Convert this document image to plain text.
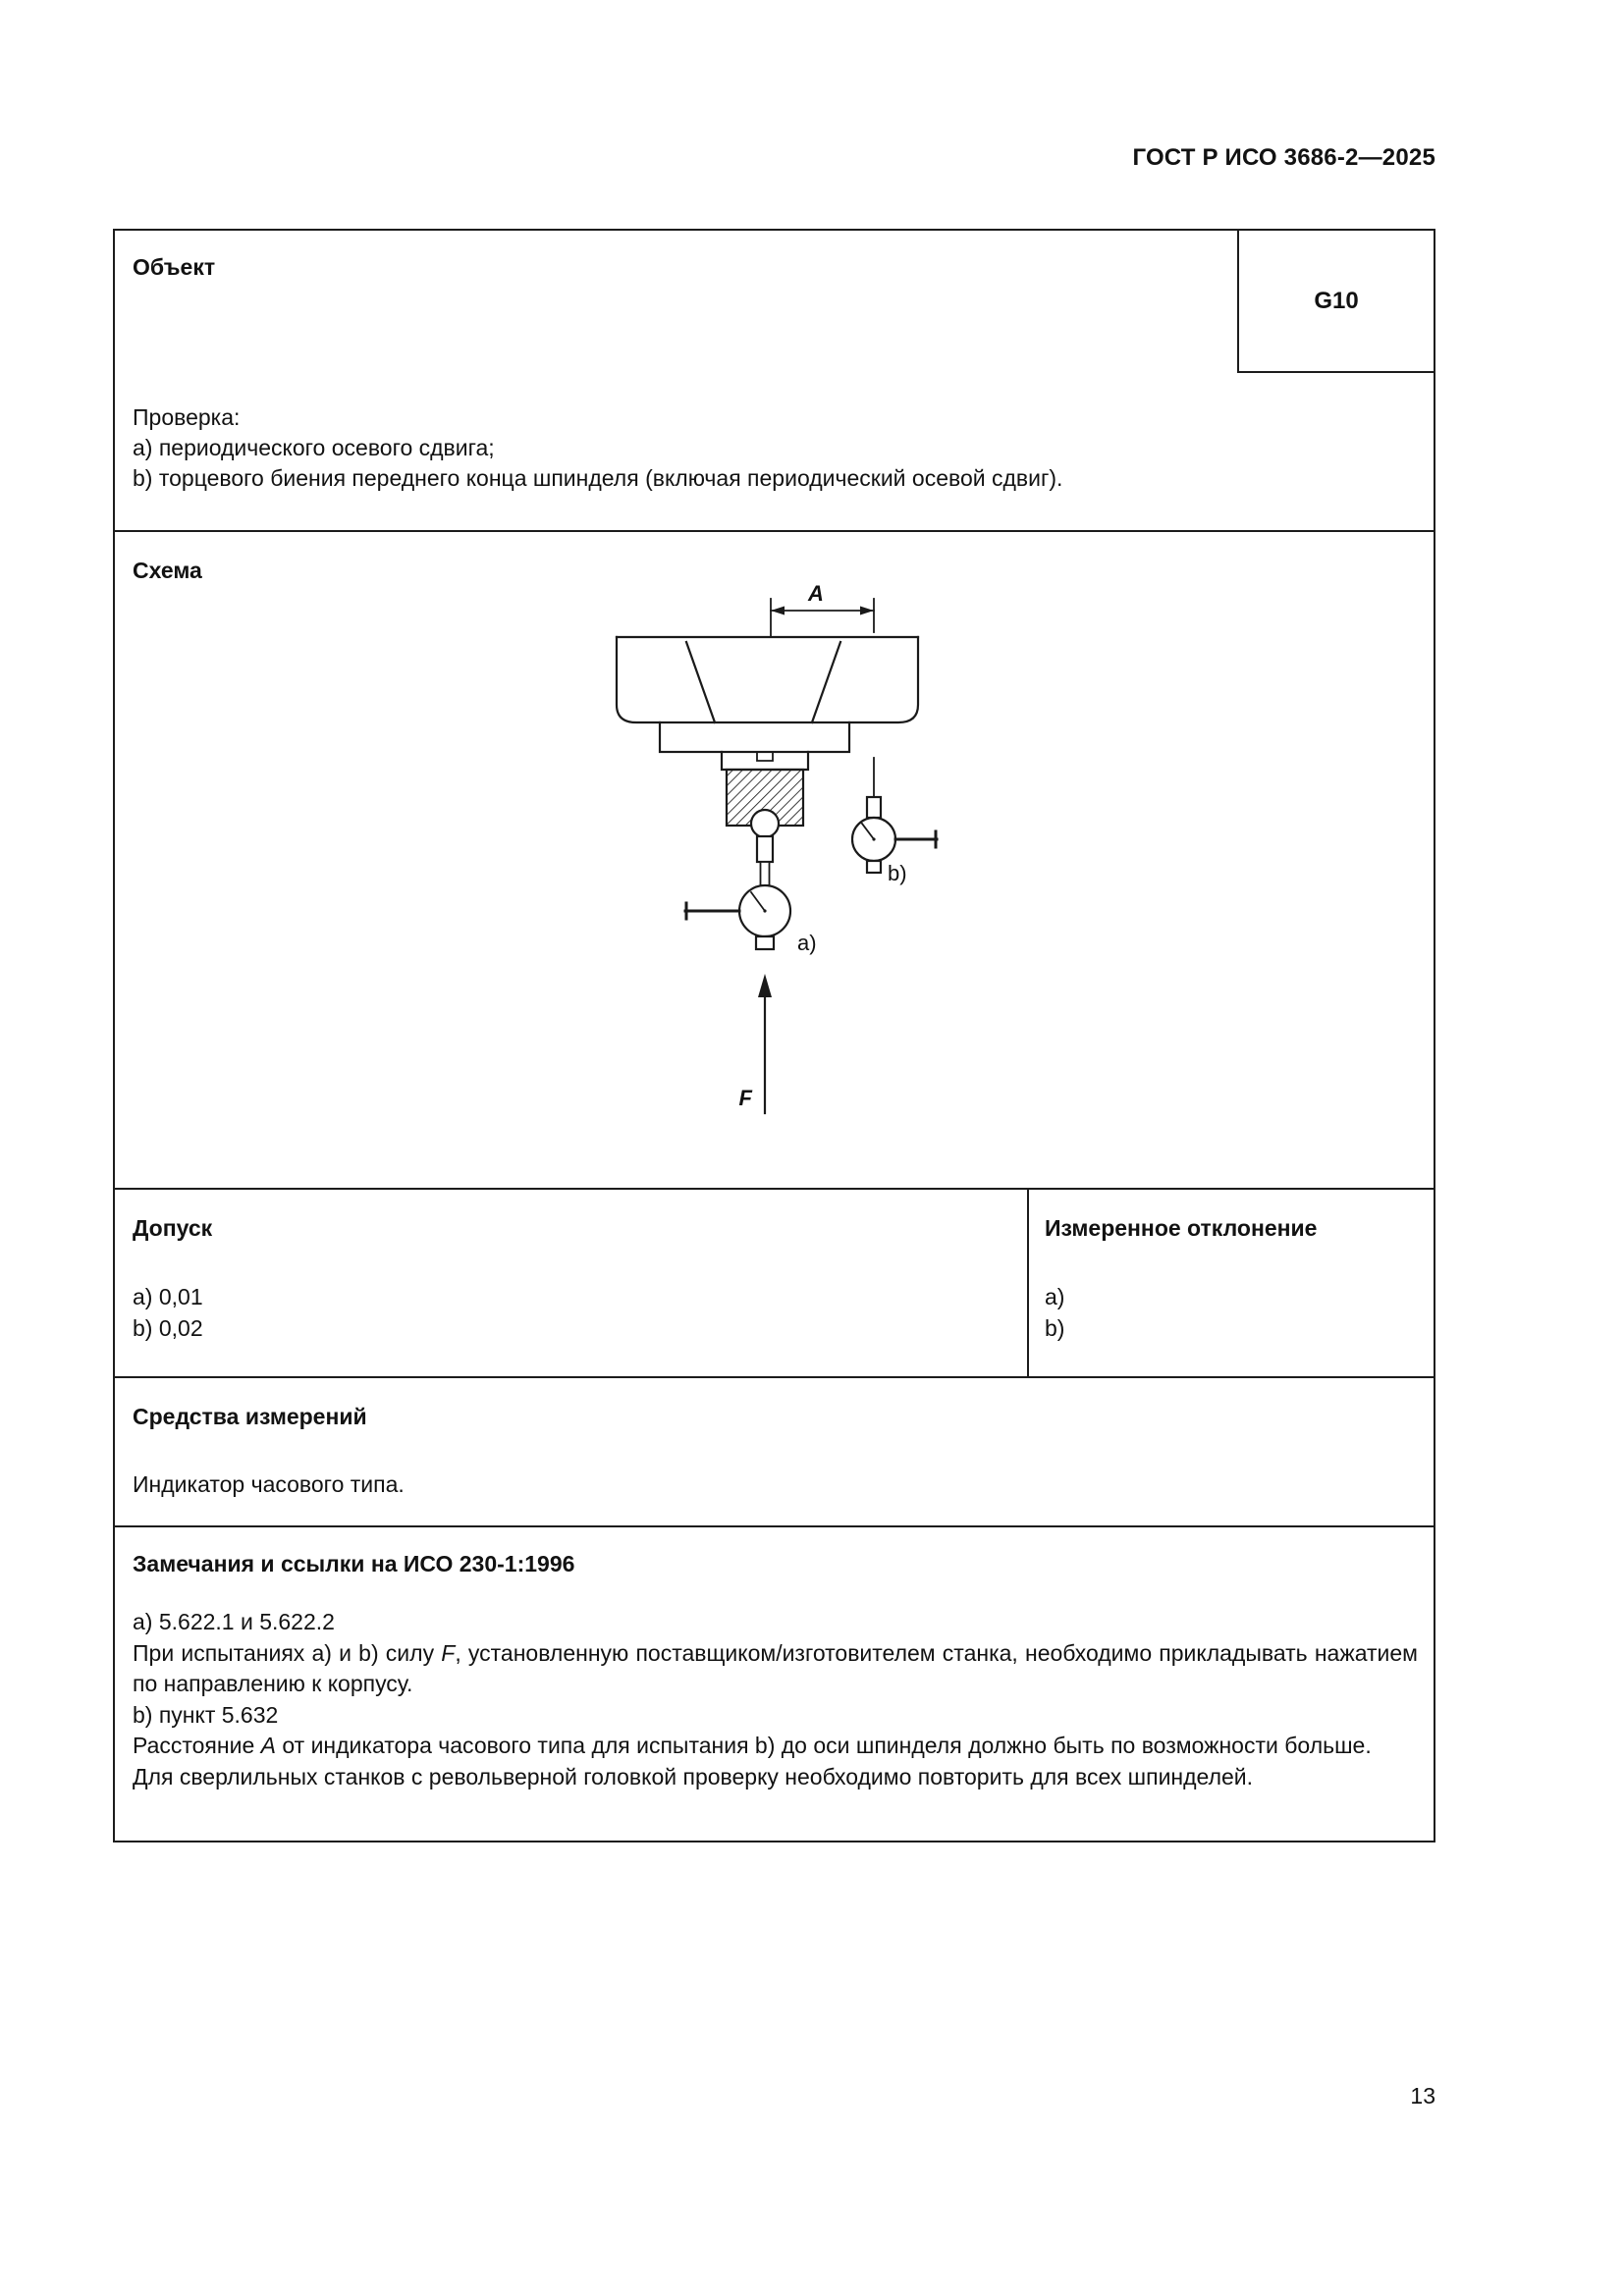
ГОСТ Р ИСО 3686-2—2025
Объект
G10
Проверка:
a) периодического осевого сдвига;
b) торцевого биения переднего конца шпинделя (включая периодический осевой сдвиг).
Схема
A
a)
b)
F
Допуск
a) 0,01
b) 0,02
Измеренное отклонение
a)
b)
Средства измерений
Индикатор часового типа.
Замечания и ссылки на ИСО 230-1:1996

a) 5.622.1 и 5.622.2

При испытаниях a) и b) силу F, установленную поставщиком/изготовителем станка, необходимо прикладывать нажатием по направлению к корпусу.

b) пункт 5.632

Расстояние A от индикатора часового типа для испытания b) до оси шпинделя должно быть по возможности больше.

Для сверлильных станков с револьверной головкой проверку необходимо повторить для всех шпинделей.

13
